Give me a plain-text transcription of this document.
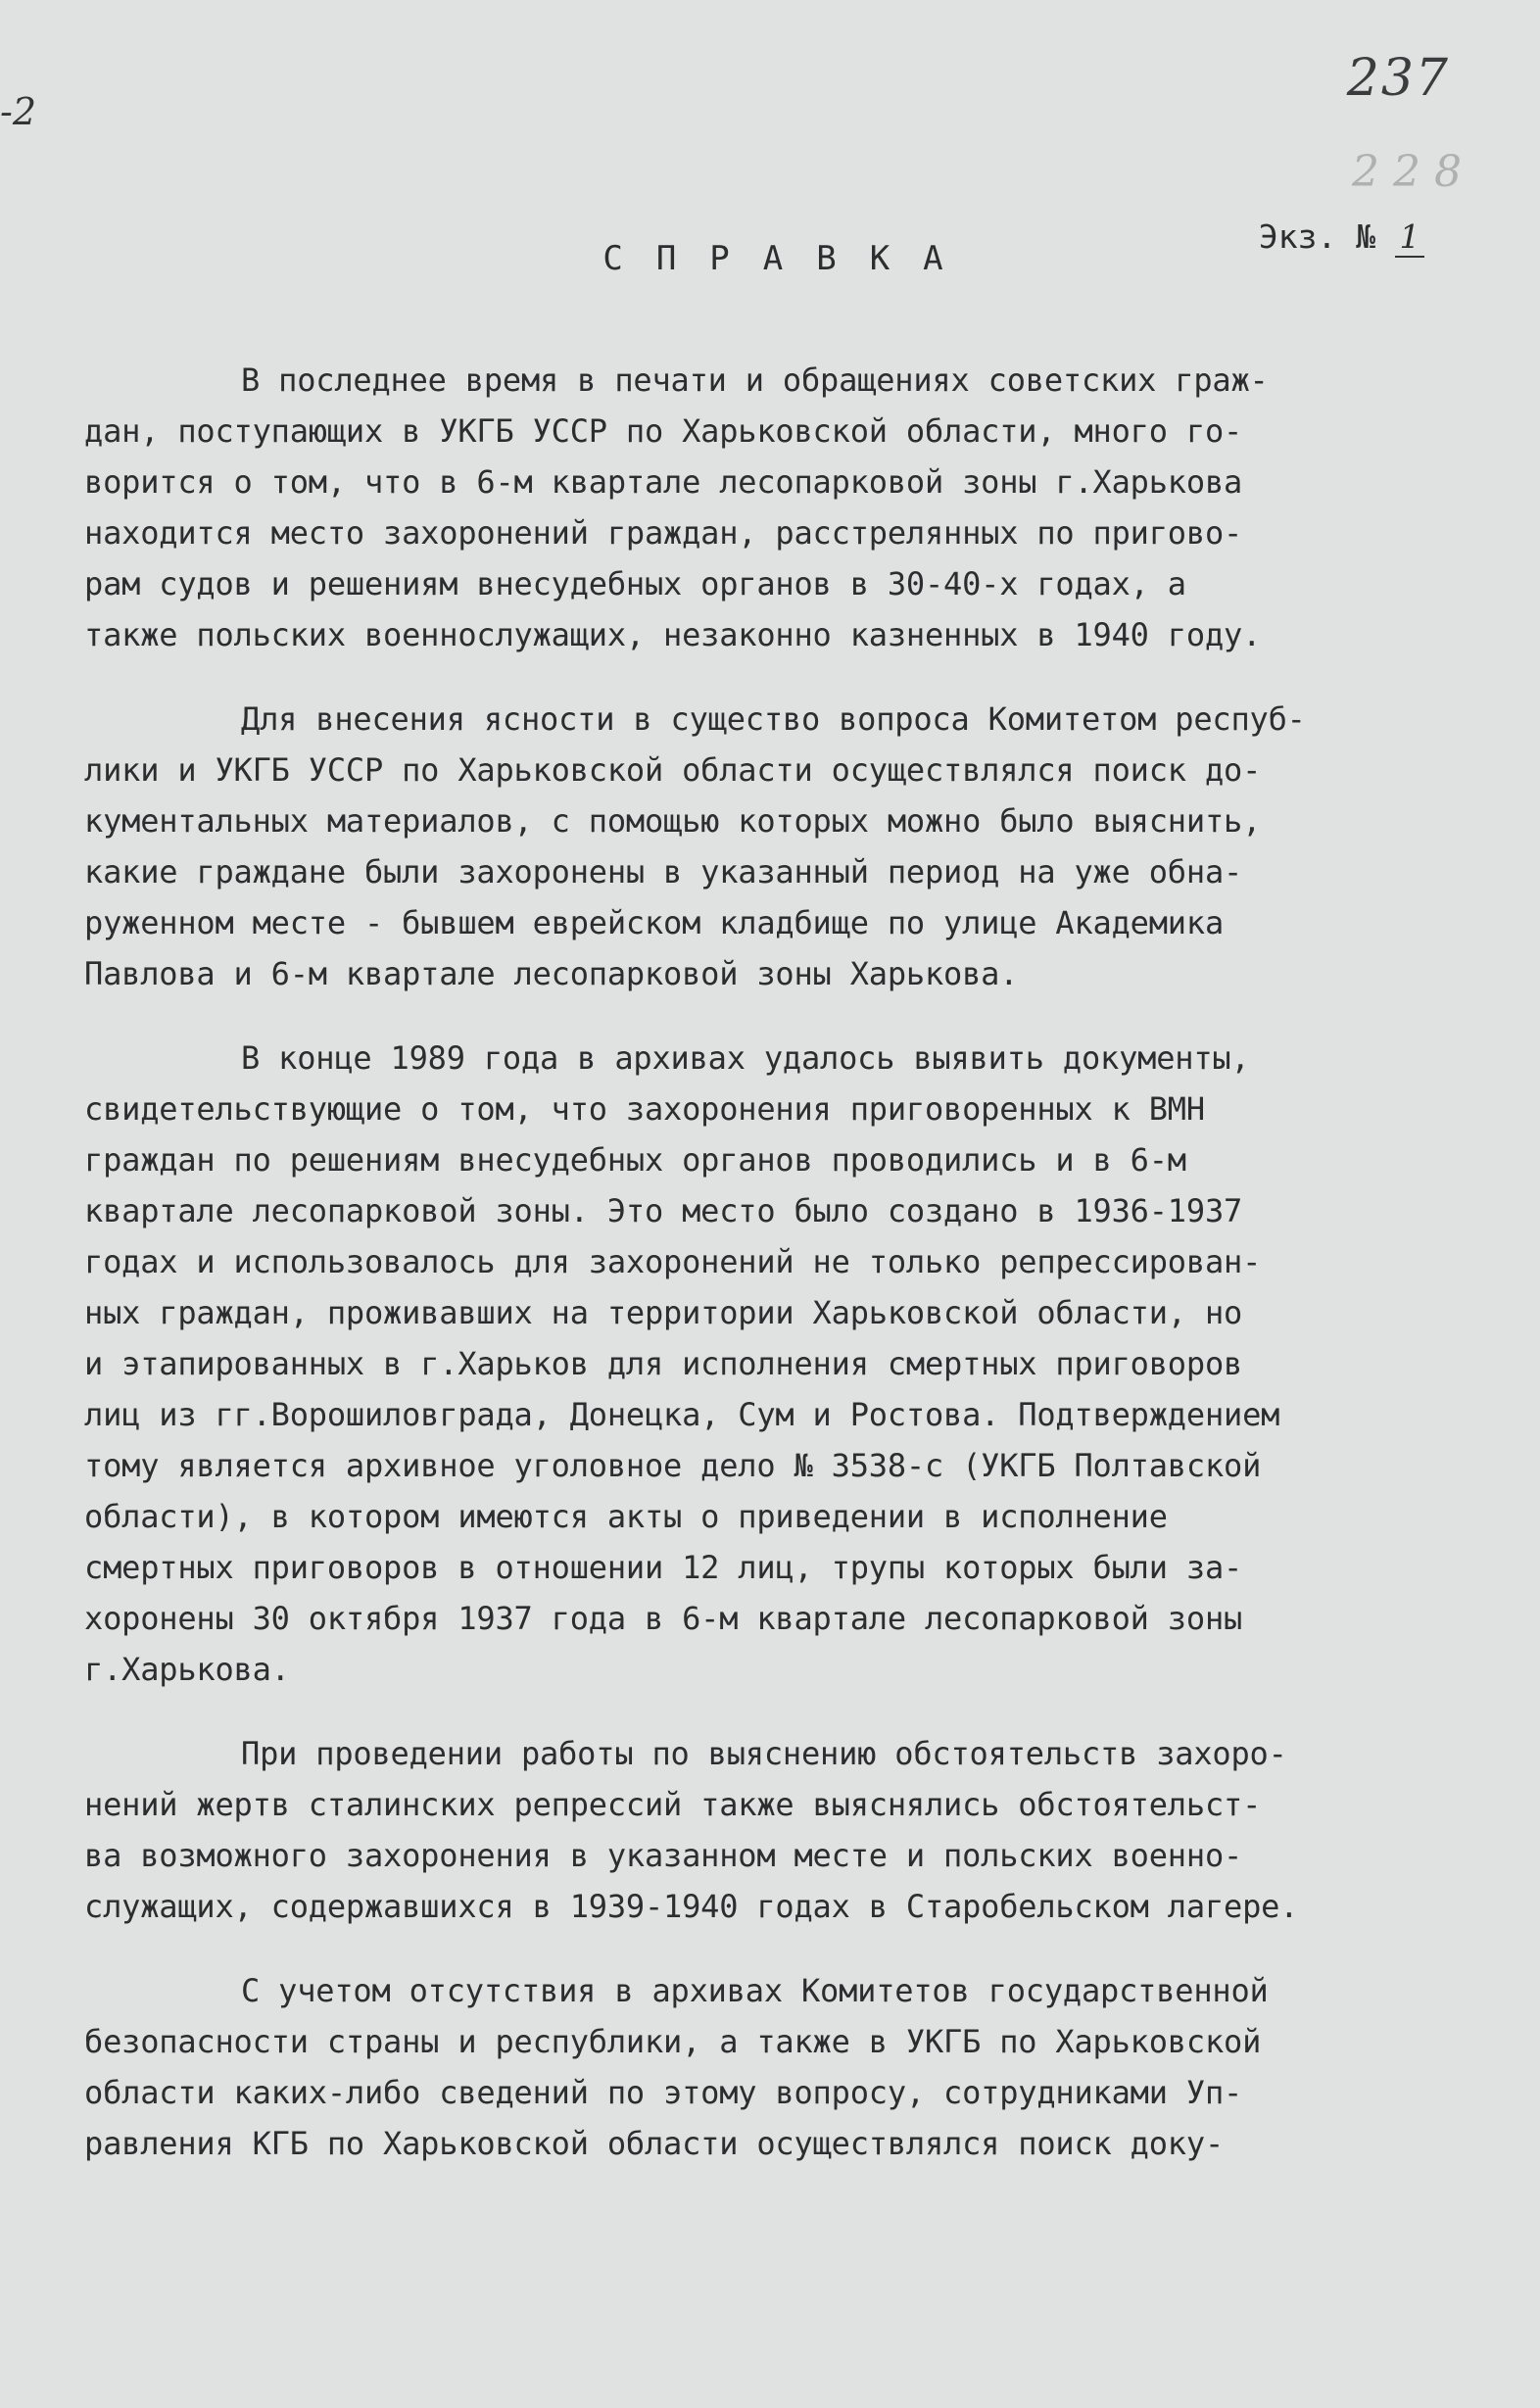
-2
237
2 2 8
Экз. № 1
СПРАВКА
В последнее время в печати и обращениях советских граж-
дан, поступающих в УКГБ УССР по Харьковской области, много го-
ворится о том, что в 6-м квартале лесопарковой зоны г.Харькова
находится место захоронений граждан, расстрелянных по пригово-
рам судов и решениям внесудебных органов в 30-40-х годах, а
также польских военнослужащих, незаконно казненных в 1940 году.
Для внесения ясности в существо вопроса Комитетом респуб-
лики и УКГБ УССР по Харьковской области осуществлялся поиск до-
кументальных материалов, с помощью которых можно было выяснить,
какие граждане были захоронены в указанный период на уже обна-
руженном месте - бывшем еврейском кладбище по улице Академика
Павлова и 6-м квартале лесопарковой зоны Харькова.
В конце 1989 года в архивах удалось выявить документы,
свидетельствующие о том, что захоронения приговоренных к ВМН
граждан по решениям внесудебных органов проводились и в 6-м
квартале лесопарковой зоны. Это место было создано в 1936-1937
годах и использовалось для захоронений не только репрессирован-
ных граждан, проживавших на территории Харьковской области, но
и этапированных в г.Харьков для исполнения смертных приговоров
лиц из гг.Ворошиловграда, Донецка, Сум и Ростова. Подтверждением
тому является архивное уголовное дело № 3538-с (УКГБ Полтавской
области), в котором имеются акты о приведении в исполнение
смертных приговоров в отношении 12 лиц, трупы которых были за-
хоронены 30 октября 1937 года в 6-м квартале лесопарковой зоны
г.Харькова.
При проведении работы по выяснению обстоятельств захоро-
нений жертв сталинских репрессий также выяснялись обстоятельст-
ва возможного захоронения в указанном месте и польских военно-
служащих, содержавшихся в 1939-1940 годах в Старобельском лагере.
С учетом отсутствия в архивах Комитетов государственной
безопасности страны и республики, а также в УКГБ по Харьковской
области каких-либо сведений по этому вопросу, сотрудниками Уп-
равления КГБ по Харьковской области осуществлялся поиск доку-
